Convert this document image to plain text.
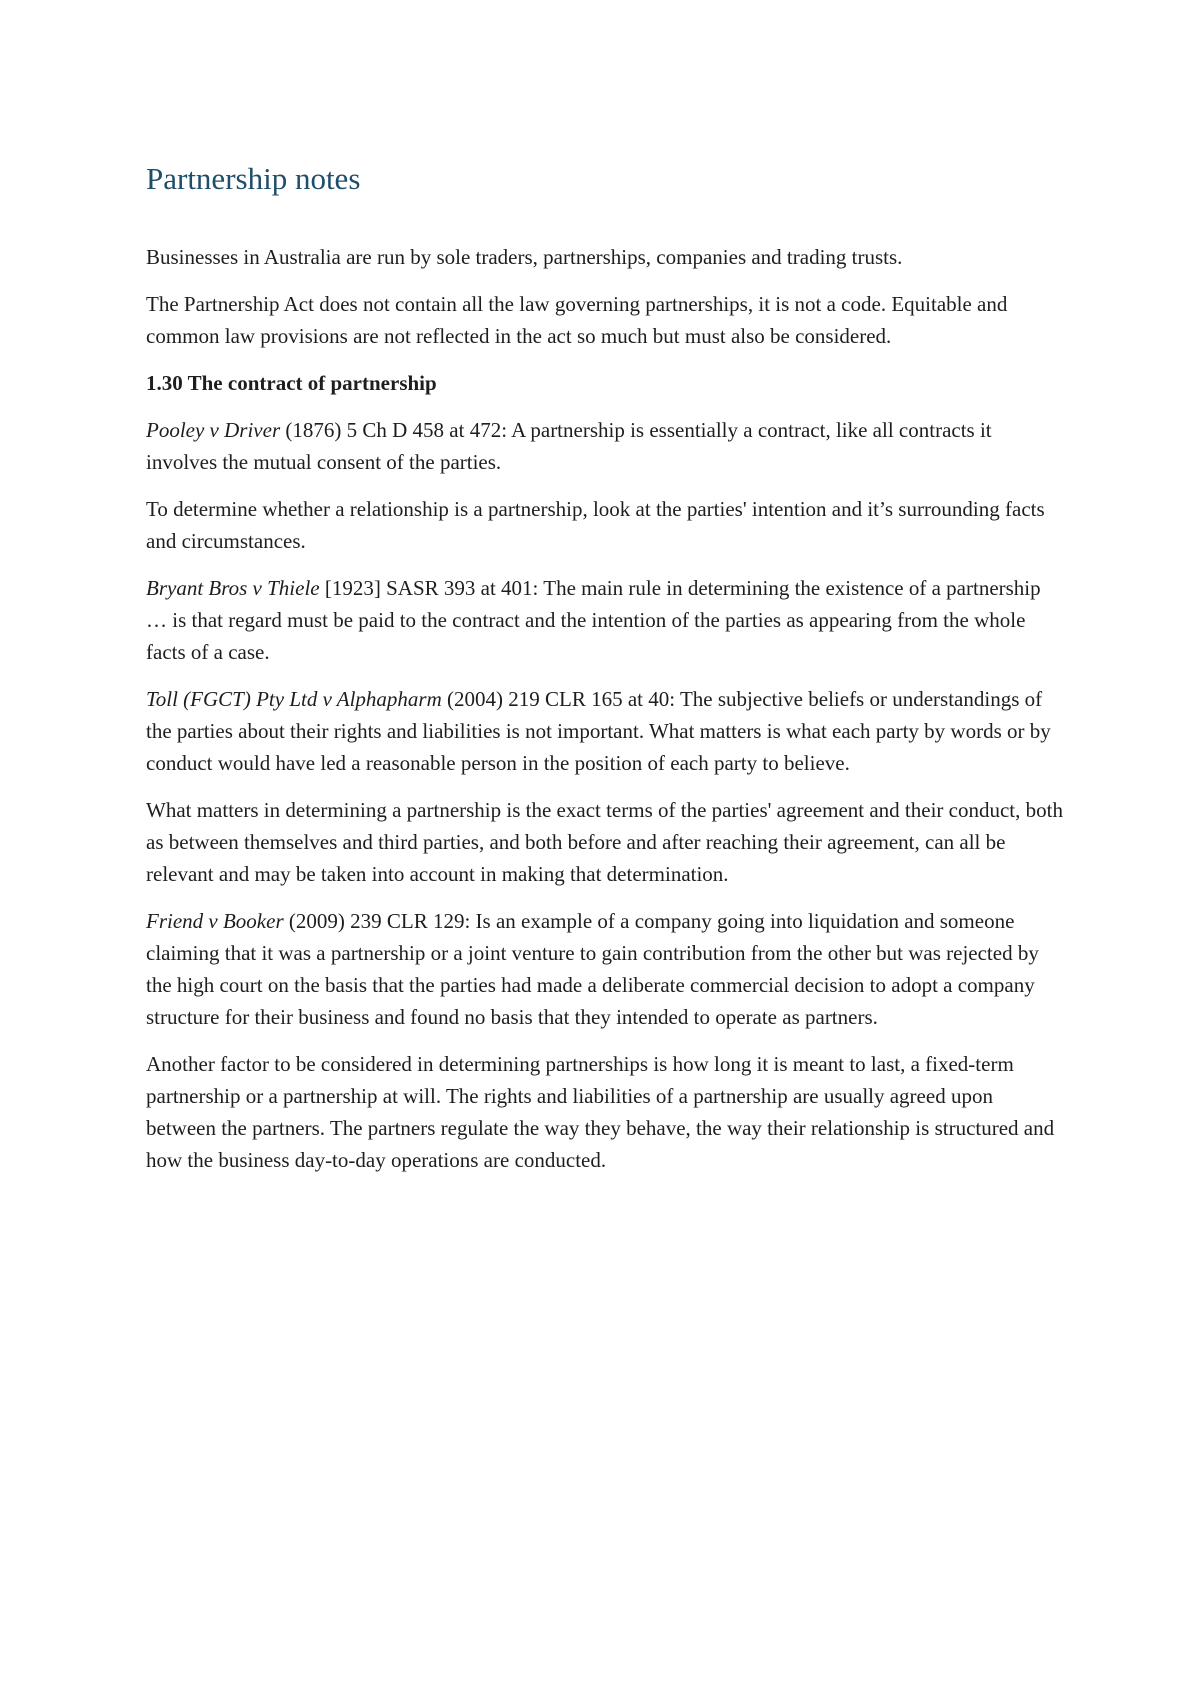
Partnership notes

Businesses in Australia are run by sole traders, partnerships, companies and trading trusts.

The Partnership Act does not contain all the law governing partnerships, it is not a code. Equitable and common law provisions are not reflected in the act so much but must also be considered.

1.30 The contract of partnership

Pooley v Driver (1876) 5 Ch D 458 at 472: A partnership is essentially a contract, like all contracts it involves the mutual consent of the parties.

To determine whether a relationship is a partnership, look at the parties' intention and it’s surrounding facts and circumstances.

Bryant Bros v Thiele [1923] SASR 393 at 401: The main rule in determining the existence of a partnership … is that regard must be paid to the contract and the intention of the parties as appearing from the whole facts of a case.

Toll (FGCT) Pty Ltd v Alphapharm (2004) 219 CLR 165 at 40: The subjective beliefs or understandings of the parties about their rights and liabilities is not important. What matters is what each party by words or by conduct would have led a reasonable person in the position of each party to believe.

What matters in determining a partnership is the exact terms of the parties' agreement and their conduct, both as between themselves and third parties, and both before and after reaching their agreement, can all be relevant and may be taken into account in making that determination.

Friend v Booker (2009) 239 CLR 129: Is an example of a company going into liquidation and someone claiming that it was a partnership or a joint venture to gain contribution from the other but was rejected by the high court on the basis that the parties had made a deliberate commercial decision to adopt a company structure for their business and found no basis that they intended to operate as partners.

Another factor to be considered in determining partnerships is how long it is meant to last, a fixed-term partnership or a partnership at will. The rights and liabilities of a partnership are usually agreed upon between the partners. The partners regulate the way they behave, the way their relationship is structured and how the business day-to-day operations are conducted.
